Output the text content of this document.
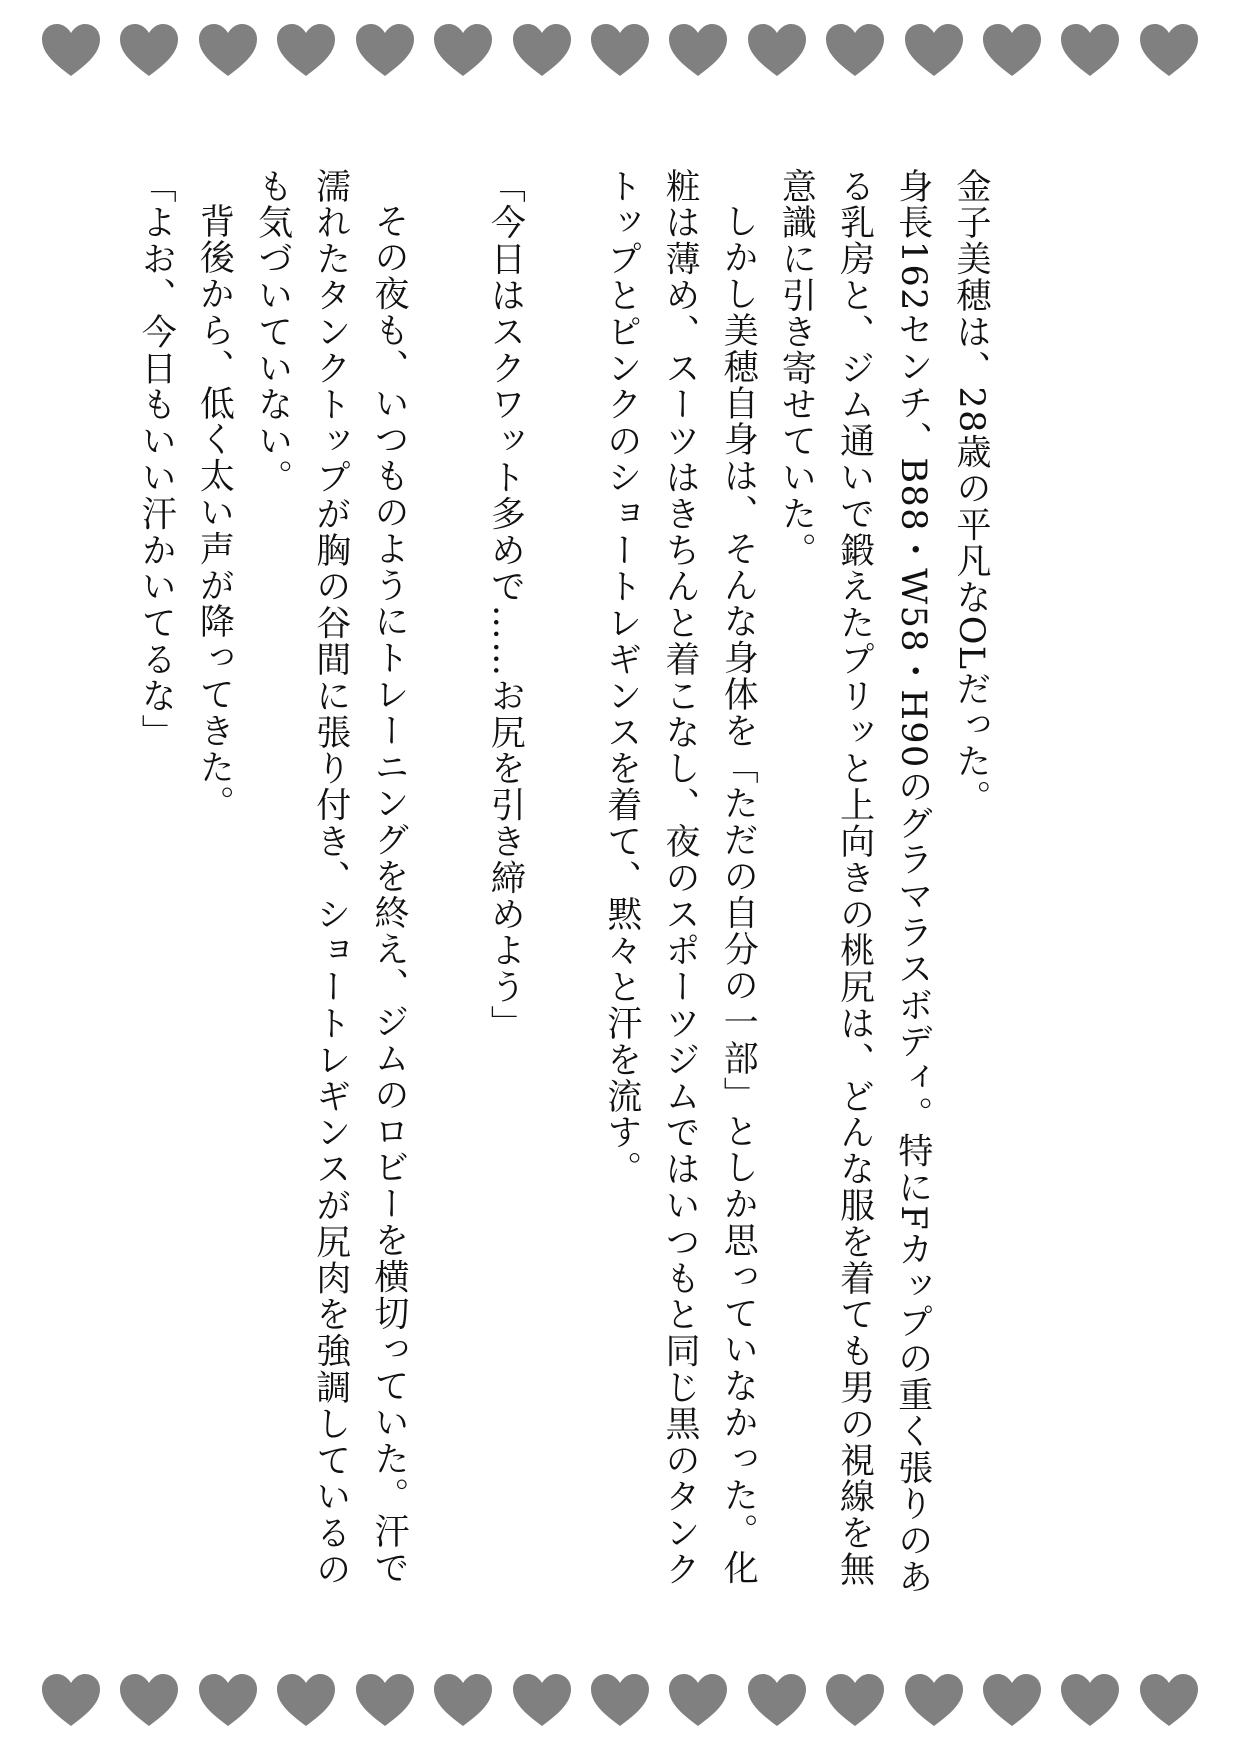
金子美穂は、28歳の平凡なOLだった。

身長162センチ、B88・W58・H90のグラマラスボディ。特にFカップの重く張りのある乳房と、ジム通いで鍛えたプリッと上向きの桃尻は、どんな服を着ても男の視線を無意識に引き寄せていた。

しかし美穂自身は、そんな身体を「ただの自分の一部」としか思っていなかった。化粧は薄め、スーツはきちんと着こなし、夜のスポーツジムではいつもと同じ黒のタンクトップとピンクのショートレギンスを着て、黙々と汗を流す。

「今日はスクワット多めで……お尻を引き締めよう」

その夜も、いつものようにトレーニングを終え、ジムのロビーを横切っていた。汗で濡れたタンクトップが胸の谷間に張り付き、ショートレギンスが尻肉を強調しているのも気づいていない。

背後から、低く太い声が降ってきた。

「よお、今日もいい汗かいてるな」
